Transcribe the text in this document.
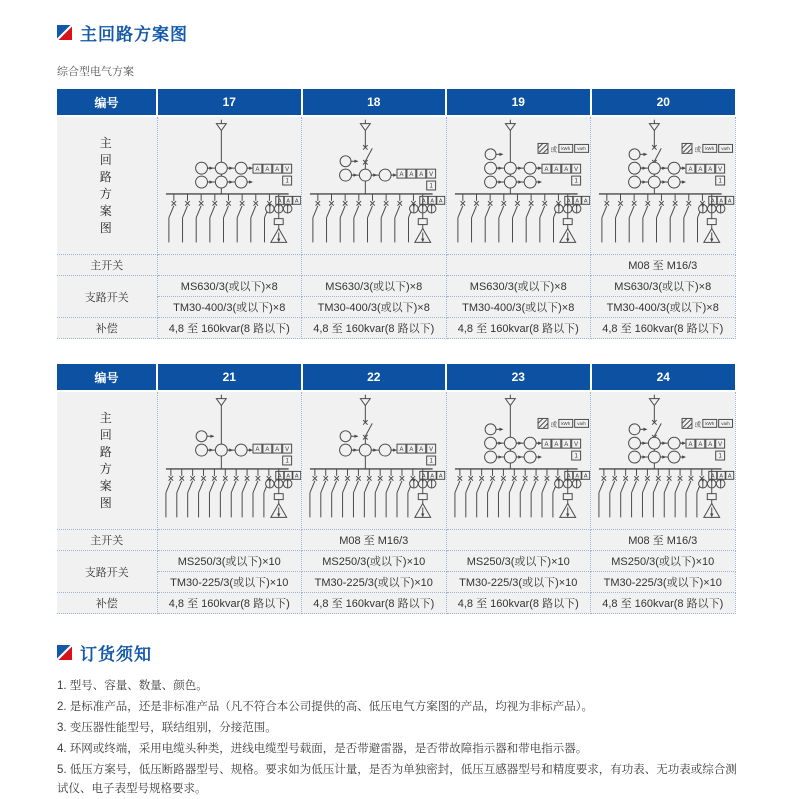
主回路方案图
综合型电气方案
编号	17	18	19	20

主回路方案图

A A A V
1
A A A

A A A V
1
A A A

或 kWh varh
A A A V
1
A A A

或 kWh varh
A A A V
1
A A A

主开关				M08 至 M16/3
支路开关	MS630/3(或以下)×8	MS630/3(或以下)×8	MS630/3(或以下)×8	MS630/3(或以下)×8
	TM30-400/3(或以下)×8	TM30-400/3(或以下)×8	TM30-400/3(或以下)×8	TM30-400/3(或以下)×8
补偿	4,8 至 160kvar(8 路以下)	4,8 至 160kvar(8 路以下)	4,8 至 160kvar(8 路以下)	4,8 至 160kvar(8 路以下)
编号	21	22	23	24

主回路方案图

A A A V
1
A A A

A A A V
1
A A A

或 kWh varh
A A A V
1
A A A

或 kWh varh
A A A V
1
A A A

主开关		M08 至 M16/3		M08 至 M16/3
支路开关	MS250/3(或以下)×10	MS250/3(或以下)×10	MS250/3(或以下)×10	MS250/3(或以下)×10
	TM30-225/3(或以下)×10	TM30-225/3(或以下)×10	TM30-225/3(或以下)×10	TM30-225/3(或以下)×10
补偿	4,8 至 160kvar(8 路以下)	4,8 至 160kvar(8 路以下)	4,8 至 160kvar(8 路以下)	4,8 至 160kvar(8 路以下)
订货须知
1. 型号、容量、数量、颜色。
2. 是标准产品，还是非标准产品（凡不符合本公司提供的高、低压电气方案图的产品，均视为非标产品）。
3. 变压器性能型号，联结组别，分接范围。
4. 环网或终端，采用电缆头种类，进线电缆型号载面，是否带避雷器，是否带故障指示器和带电指示器。
5. 低压方案号，低压断路器型号、规格。要求如为低压计量，是否为单独密封，低压互感器型号和精度要求，有功表、无功表或综合测试仪、电子表型号规格要求。
